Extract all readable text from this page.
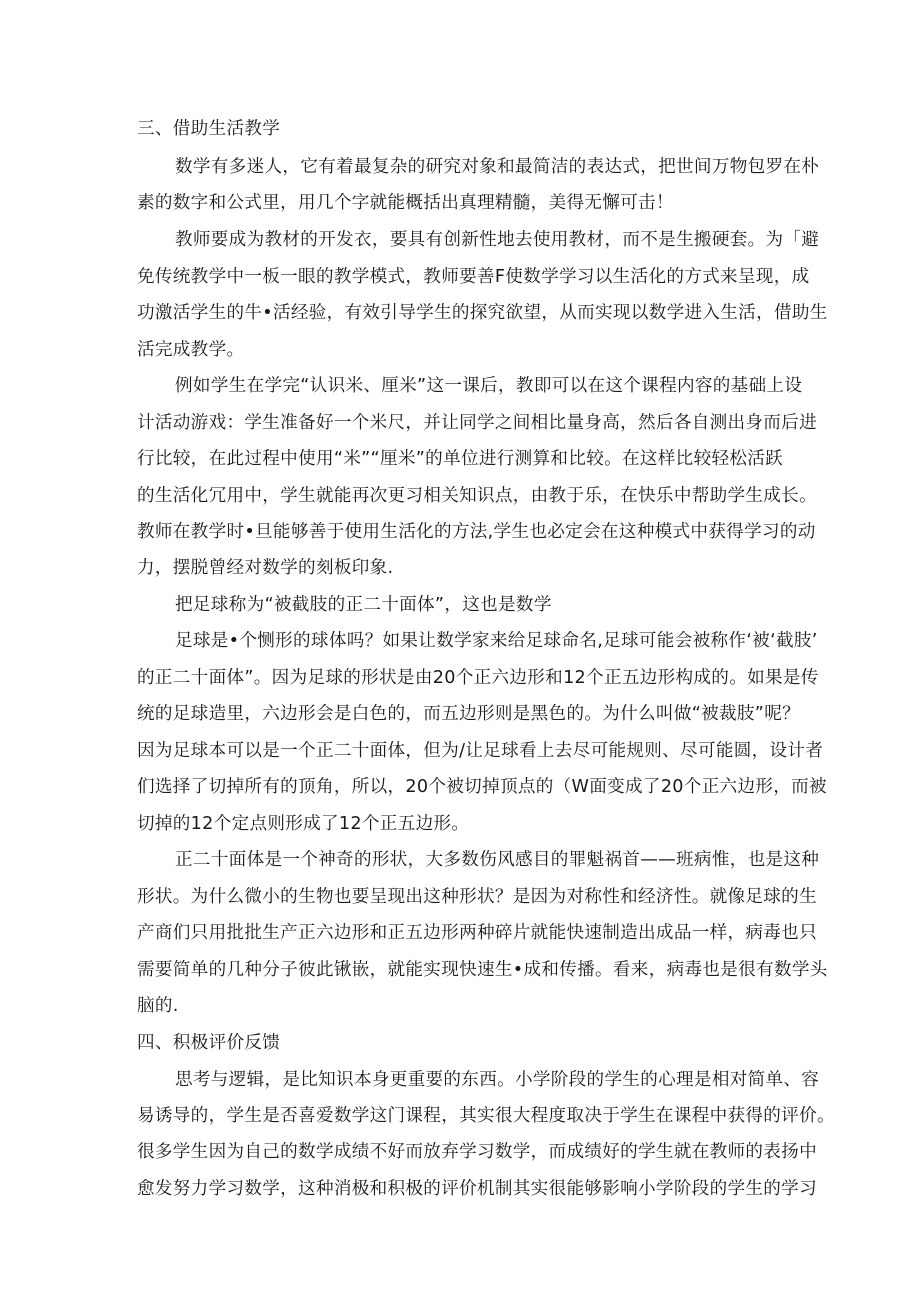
三、借助生活教学
数学有多迷人，它有着最复杂的研究对象和最简洁的表达式，把世间万物包罗在朴
素的数字和公式里，用几个字就能概括出真理精髓，美得无懈可击！
教师要成为教材的开发衣，要具有创新性地去使用教材，而不是生搬硬套。为「避
免传统教学中一板一眼的教学模式，教师要善F使数学学习以生活化的方式来呈现，成
功激活学生的牛•活经验，有效引导学生的探究欲望，从而实现以数学进入生活，借助生
活完成教学。
例如学生在学完“认识米、厘米”这一课后，教即可以在这个课程内容的基础上设
计活动游戏：学生准备好一个米尺，并让同学之间相比量身高，然后各自测出身而后进
行比较，在此过程中使用“米”“厘米”的单位进行测算和比较。在这样比较轻松活跃
的生活化冗用中，学生就能再次更习相关知识点，由教于乐，在快乐中帮助学生成长。
教师在教学时•旦能够善于使用生活化的方法,学生也必定会在这种模式中获得学习的动
力，摆脱曾经对数学的刻板印象.
把足球称为“被截肢的正二十面体”，这也是数学
足球是•个恻形的球体吗？如果让数学家来给足球命名,足球可能会被称作‘被‘截肢’
的正二十面体”。因为足球的形状是由20个正六边形和12个正五边形构成的。如果是传
统的足球造里，六边形会是白色的，而五边形则是黑色的。为什么叫做“被裁肢”呢？
因为足球本可以是一个正二十面体，但为/让足球看上去尽可能规则、尽可能圆，设计者
们选择了切掉所有的顶角，所以，20个被切掉顶点的（W面变成了20个正六边形，而被
切掉的12个定点则形成了12个正五边形。
正二十面体是一个神奇的形状，大多数伤风感目的罪魁祸首——班病惟，也是这种
形状。为什么微小的生物也要呈现出这种形状？是因为对称性和经济性。就像足球的生
产商们只用批批生产正六边形和正五边形两种碎片就能快速制造出成品一样，病毒也只
需要简单的几种分子彼此锹嵌，就能实现快速生•成和传播。看来，病毒也是很有数学头
脑的.
四、积极评价反馈
思考与逻辑，是比知识本身更重要的东西。小学阶段的学生的心理是相对简单、容
易诱导的，学生是否喜爱数学这门课程，其实很大程度取决于学生在课程中获得的评价。
很多学生因为自己的数学成绩不好而放弃学习数学，而成绩好的学生就在教师的表扬中
愈发努力学习数学，这种消极和积极的评价机制其实很能够影响小学阶段的学生的学习
